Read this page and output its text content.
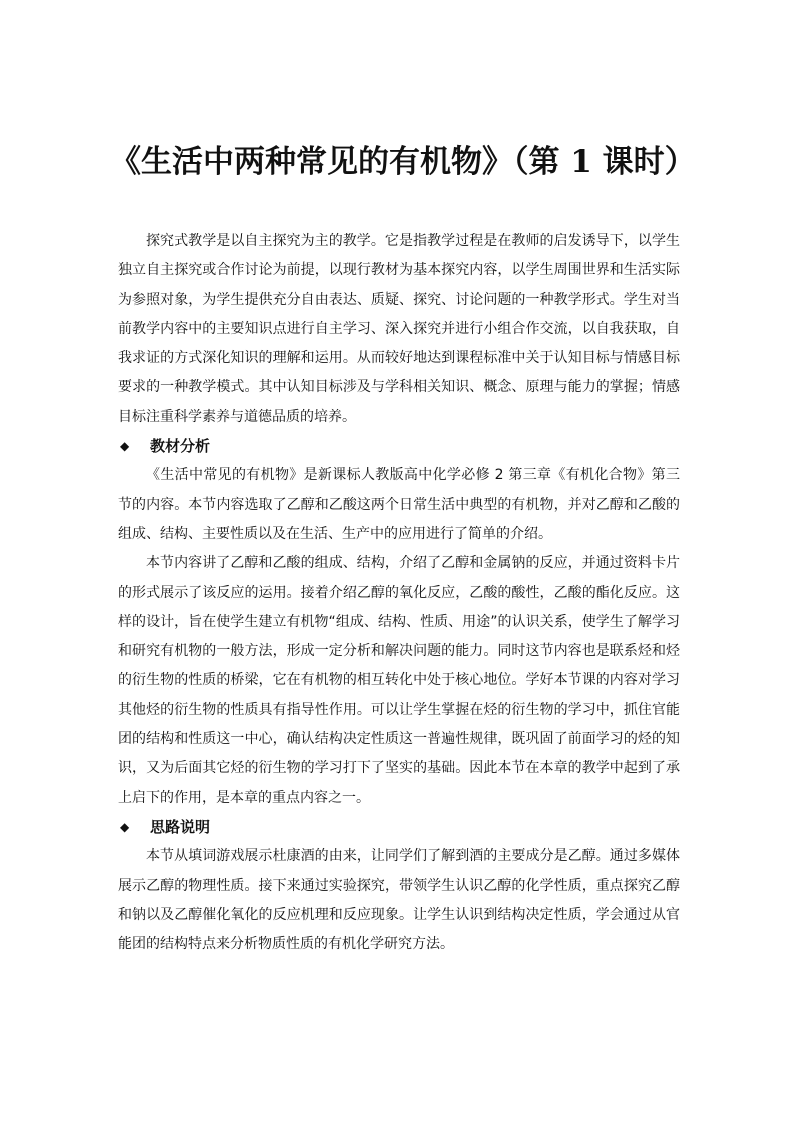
《生活中两种常见的有机物》（第 1 课时）

探究式教学是以自主探究为主的教学。它是指教学过程是在教师的启发诱导下，以学生独立自主探究或合作讨论为前提，以现行教材为基本探究内容，以学生周围世界和生活实际为参照对象，为学生提供充分自由表达、质疑、探究、讨论问题的一种教学形式。学生对当前教学内容中的主要知识点进行自主学习、深入探究并进行小组合作交流，以自我获取，自我求证的方式深化知识的理解和运用。从而较好地达到课程标准中关于认知目标与情感目标要求的一种教学模式。其中认知目标涉及与学科相关知识、概念、原理与能力的掌握；情感目标注重科学素养与道德品质的培养。

◆ 教材分析

《生活中常见的有机物》是新课标人教版高中化学必修 2 第三章《有机化合物》第三节的内容。本节内容选取了乙醇和乙酸这两个日常生活中典型的有机物，并对乙醇和乙酸的组成、结构、主要性质以及在生活、生产中的应用进行了简单的介绍。

本节内容讲了乙醇和乙酸的组成、结构，介绍了乙醇和金属钠的反应，并通过资料卡片的形式展示了该反应的运用。接着介绍乙醇的氧化反应，乙酸的酸性，乙酸的酯化反应。这样的设计，旨在使学生建立有机物“组成、结构、性质、用途”的认识关系，使学生了解学习和研究有机物的一般方法，形成一定分析和解决问题的能力。同时这节内容也是联系烃和烃的衍生物的性质的桥梁，它在有机物的相互转化中处于核心地位。学好本节课的内容对学习其他烃的衍生物的性质具有指导性作用。可以让学生掌握在烃的衍生物的学习中，抓住官能团的结构和性质这一中心，确认结构决定性质这一普遍性规律，既巩固了前面学习的烃的知识，又为后面其它烃的衍生物的学习打下了坚实的基础。因此本节在本章的教学中起到了承上启下的作用，是本章的重点内容之一。

◆ 思路说明

本节从填词游戏展示杜康酒的由来，让同学们了解到酒的主要成分是乙醇。通过多媒体展示乙醇的物理性质。接下来通过实验探究，带领学生认识乙醇的化学性质，重点探究乙醇和钠以及乙醇催化氧化的反应机理和反应现象。让学生认识到结构决定性质，学会通过从官能团的结构特点来分析物质性质的有机化学研究方法。
